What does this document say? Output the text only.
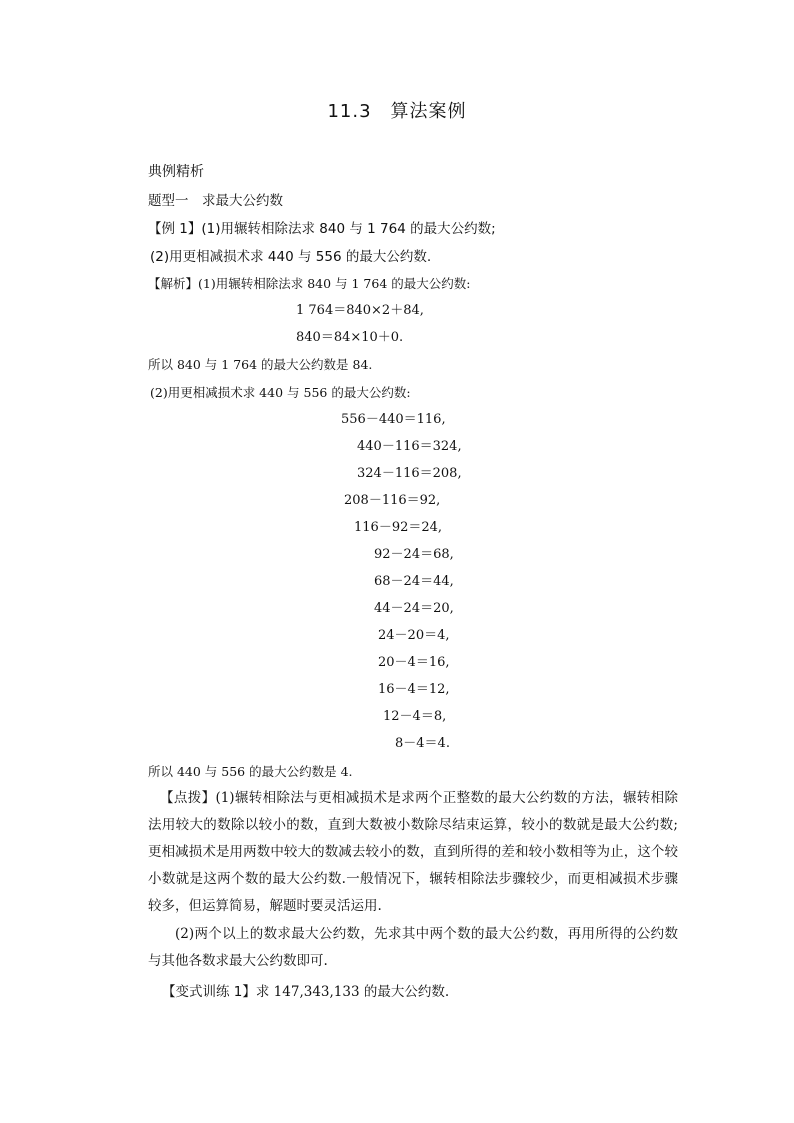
11.3　算法案例
典例精析
题型一　求最大公约数
【例 1】(1)用辗转相除法求 840 与 1 764 的最大公约数;
(2)用更相减损术求 440 与 556 的最大公约数.
【解析】(1)用辗转相除法求 840 与 1 764 的最大公约数:
1 764＝840×2＋84,
840＝84×10＋0.
所以 840 与 1 764 的最大公约数是 84.
(2)用更相减损术求 440 与 556 的最大公约数:
556－440＝116,
440－116＝324,
324－116＝208,
208－116＝92,
116－92＝24,
92－24＝68,
68－24＝44,
44－24＝20,
24－20＝4,
20－4＝16,
16－4＝12,
12－4＝8,
8－4＝4.
所以 440 与 556 的最大公约数是 4.
【点拨】(1)辗转相除法与更相减损术是求两个正整数的最大公约数的方法，辗转相除法用较大的数除以较小的数，直到大数被小数除尽结束运算，较小的数就是最大公约数;更相减损术是用两数中较大的数减去较小的数，直到所得的差和较小数相等为止，这个较小数就是这两个数的最大公约数.一般情况下，辗转相除法步骤较少，而更相减损术步骤较多，但运算简易，解题时要灵活运用.
(2)两个以上的数求最大公约数，先求其中两个数的最大公约数，再用所得的公约数与其他各数求最大公约数即可.
【变式训练 1】求 147,343,133 的最大公约数.
